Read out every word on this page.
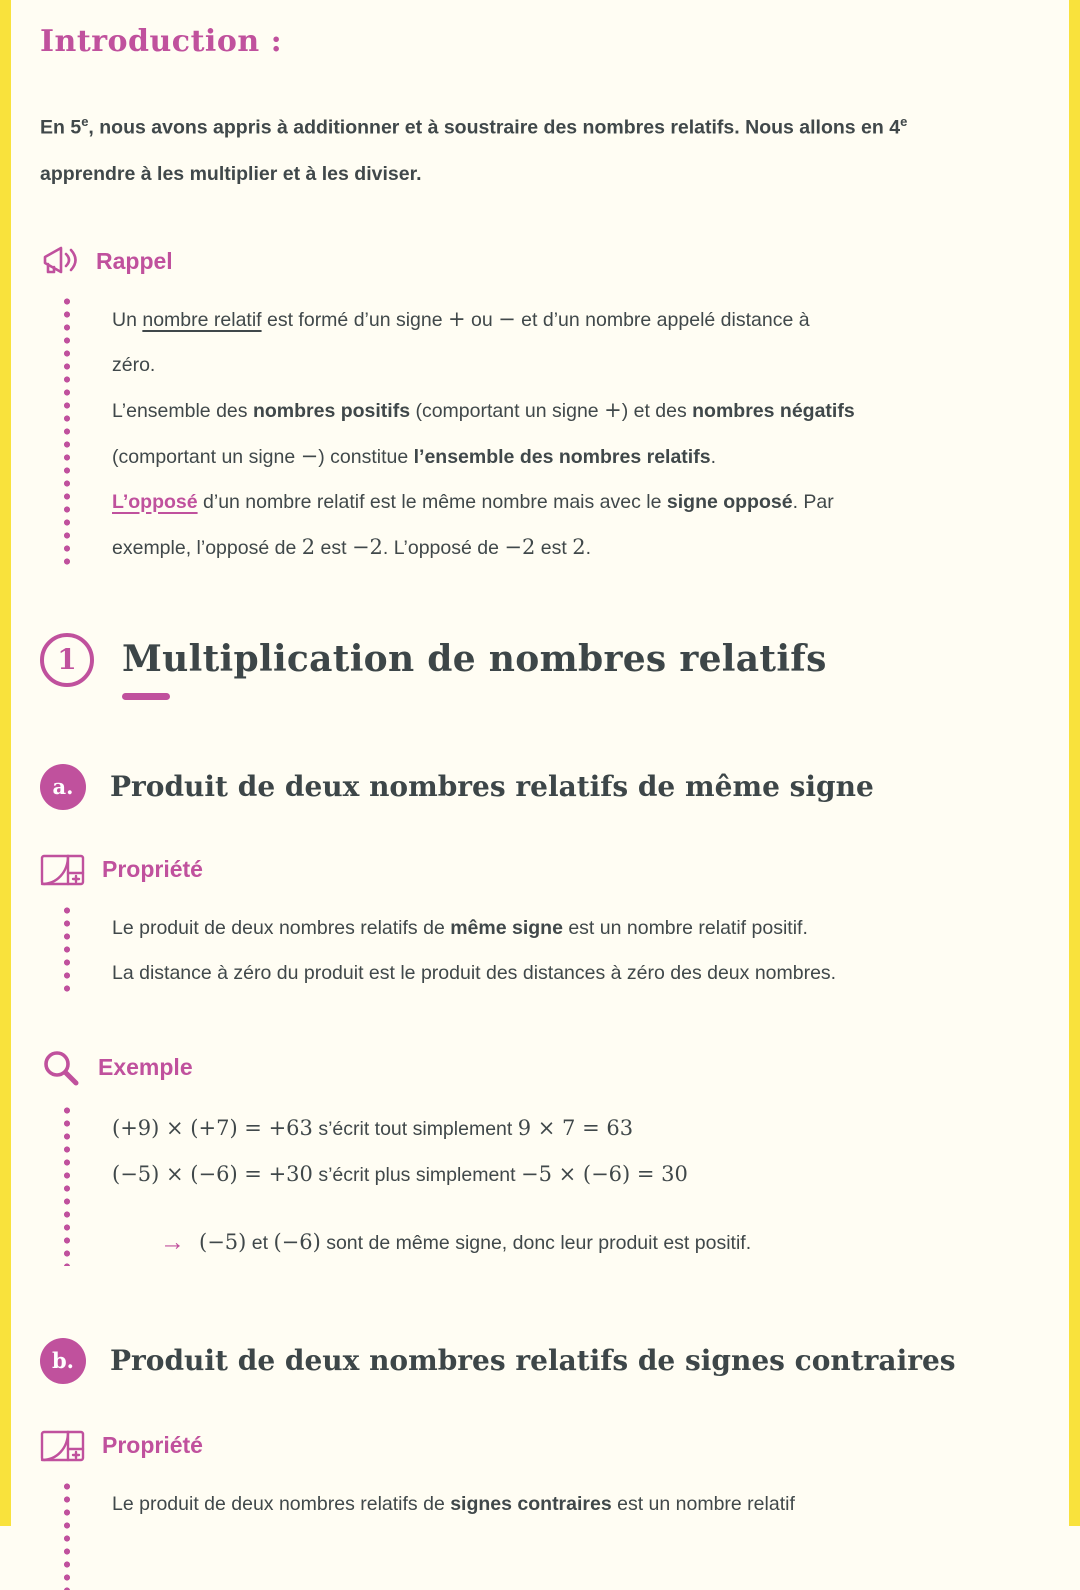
Introduction :

En 5e, nous avons appris à additionner et à soustraire des nombres relatifs. Nous allons en 4e

apprendre à les multiplier et à les diviser.

Rappel

Un nombre relatif est formé d’un signe + ou − et d’un nombre appelé distance à

zéro.

L’ensemble des nombres positifs (comportant un signe +) et des nombres négatifs

(comportant un signe −) constitue l’ensemble des nombres relatifs.

L’opposé d’un nombre relatif est le même nombre mais avec le signe opposé. Par

exemple, l’opposé de 2 est −2. L’opposé de −2 est 2.

1	Multiplication de nombres relatifs
a.	Produit de deux nombres relatifs de même signe
Propriété

Le produit de deux nombres relatifs de même signe est un nombre relatif positif.

La distance à zéro du produit est le produit des distances à zéro des deux nombres.

Exemple

(+9) × (+7) = +63 s’écrit tout simplement 9 × 7 = 63

(−5) × (−6) = +30 s’écrit plus simplement −5 × (−6) = 30

→ (−5) et (−6) sont de même signe, donc leur produit est positif.

b.	Produit de deux nombres relatifs de signes contraires
Propriété

Le produit de deux nombres relatifs de signes contraires est un nombre relatif
